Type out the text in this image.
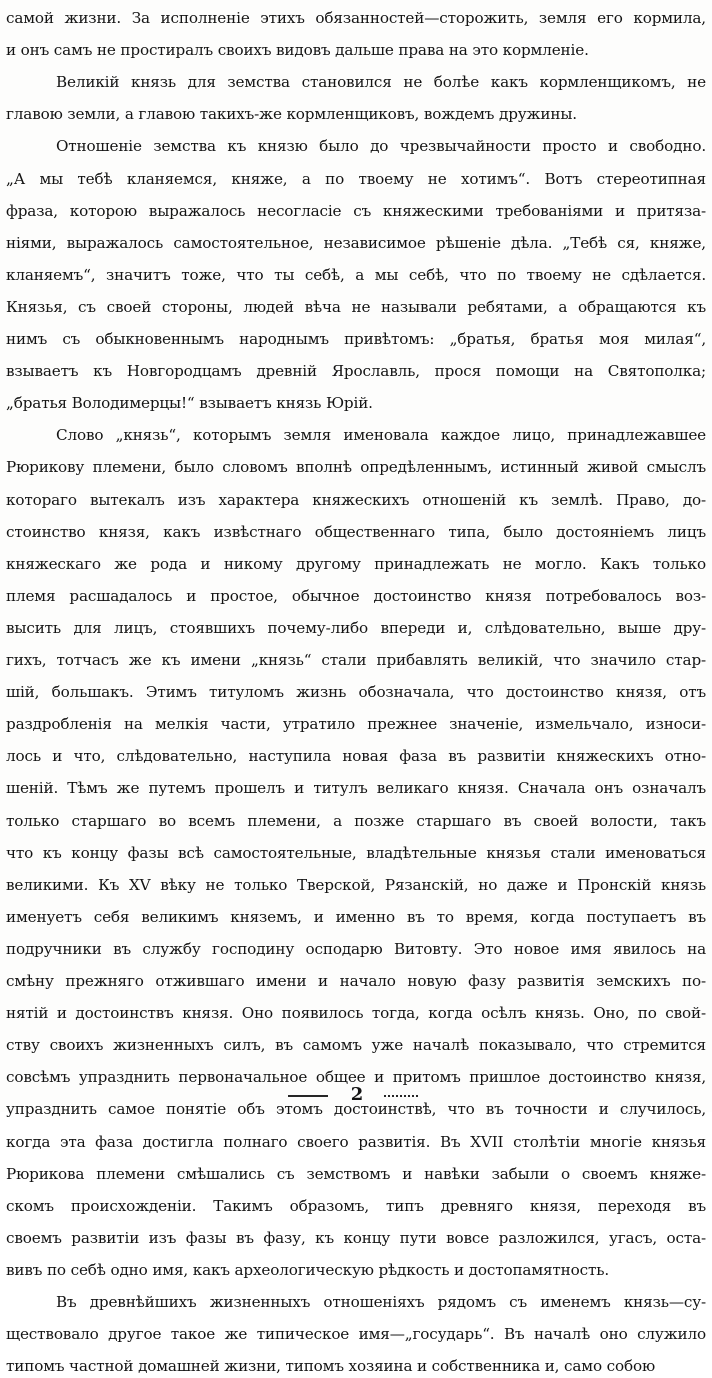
самой жизни. За исполненіе этихъ обязанностей—сторожить, земля его кормила,
и онъ самъ не простиралъ своихъ видовъ дальше права на это кормленіе.
Великій князь для земства становился не болѣе какъ кормленщикомъ, не
главою земли, а главою такихъ-же кормленщиковъ, вождемъ дружины.
Отношеніе земства къ князю было до чрезвычайности просто и свободно.
„А мы тебѣ кланяемся, княже, а по твоему не хотимъ“. Вотъ стереотипная
фраза, которою выражалось несогласіе съ княжескими требованіями и притяза-
ніями, выражалось самостоятельное, независимое рѣшеніе дѣла. „Тебѣ ся, княже,
кланяемъ“, значитъ тоже, что ты себѣ, а мы себѣ, что по твоему не сдѣлается.
Князья, съ своей стороны, людей вѣча не называли ребятами, а обращаются къ
нимъ съ обыкновеннымъ народнымъ привѣтомъ: „братья, братья моя милая“,
взываетъ къ Новгородцамъ древній Ярославль, прося помощи на Святополка;
„братья Володимерцы!“ взываетъ князь Юрій.
Слово „князь“, которымъ земля именовала каждое лицо, принадлежавшее
Рюрикову племени, было словомъ вполнѣ опредѣленнымъ, истинный живой смыслъ
котораго вытекалъ изъ характера княжескихъ отношеній къ землѣ. Право, до-
стоинство князя, какъ извѣстнаго общественнаго типа, было достояніемъ лицъ
княжескаго же рода и никому другому принадлежать не могло. Какъ только
племя расшадалось и простое, обычное достоинство князя потребовалось воз-
высить для лицъ, стоявшихъ почему-либо впереди и, слѣдовательно, выше дру-
гихъ, тотчасъ же къ имени „князь“ стали прибавлять великій, что значило стар-
шій, большакъ. Этимъ титуломъ жизнь обозначала, что достоинство князя, отъ
раздробленія на мелкія части, утратило прежнее значеніе, измельчало, износи-
лось и что, слѣдовательно, наступила новая фаза въ развитіи княжескихъ отно-
шеній. Тѣмъ же путемъ прошелъ и титулъ великаго князя. Сначала онъ означалъ
только старшаго во всемъ племени, а позже старшаго въ своей волости, такъ
что къ концу фазы всѣ самостоятельные, владѣтельные князья стали именоваться
великими. Къ XV вѣку не только Тверской, Рязанскій, но даже и Пронскій князь
именуетъ себя великимъ княземъ, и именно въ то время, когда поступаетъ въ
подручники въ службу господину осподарю Витовту. Это новое имя явилось на
смѣну прежняго отжившаго имени и начало новую фазу развитія земскихъ по-
нятій и достоинствъ князя. Оно появилось тогда, когда осѣлъ князь. Оно, по свой-
ству своихъ жизненныхъ силъ, въ самомъ уже началѣ показывало, что стремится
совсѣмъ упразднить первоначальное общее и притомъ пришлое достоинство князя,
упразднить самое понятіе объ этомъ достоинствѣ, что въ точности и случилось,
когда эта фаза достигла полнаго своего развитія. Въ XVII столѣтіи многіе князья
Рюрикова племени смѣшались съ земствомъ и навѣки забыли о своемъ княже-
скомъ происхожденіи. Такимъ образомъ, типъ древняго князя, переходя въ
своемъ развитіи изъ фазы въ фазу, къ концу пути вовсе разложился, угасъ, оста-
вивъ по себѣ одно имя, какъ археологическую рѣдкость и достопамятность.
Въ древнѣйшихъ жизненныхъ отношеніяхъ рядомъ съ именемъ князь—су-
ществовало другое такое же типическое имя—„государь“. Въ началѣ оно служило
типомъ частной домашней жизни, типомъ хозяина и собственника и, само собою
2
